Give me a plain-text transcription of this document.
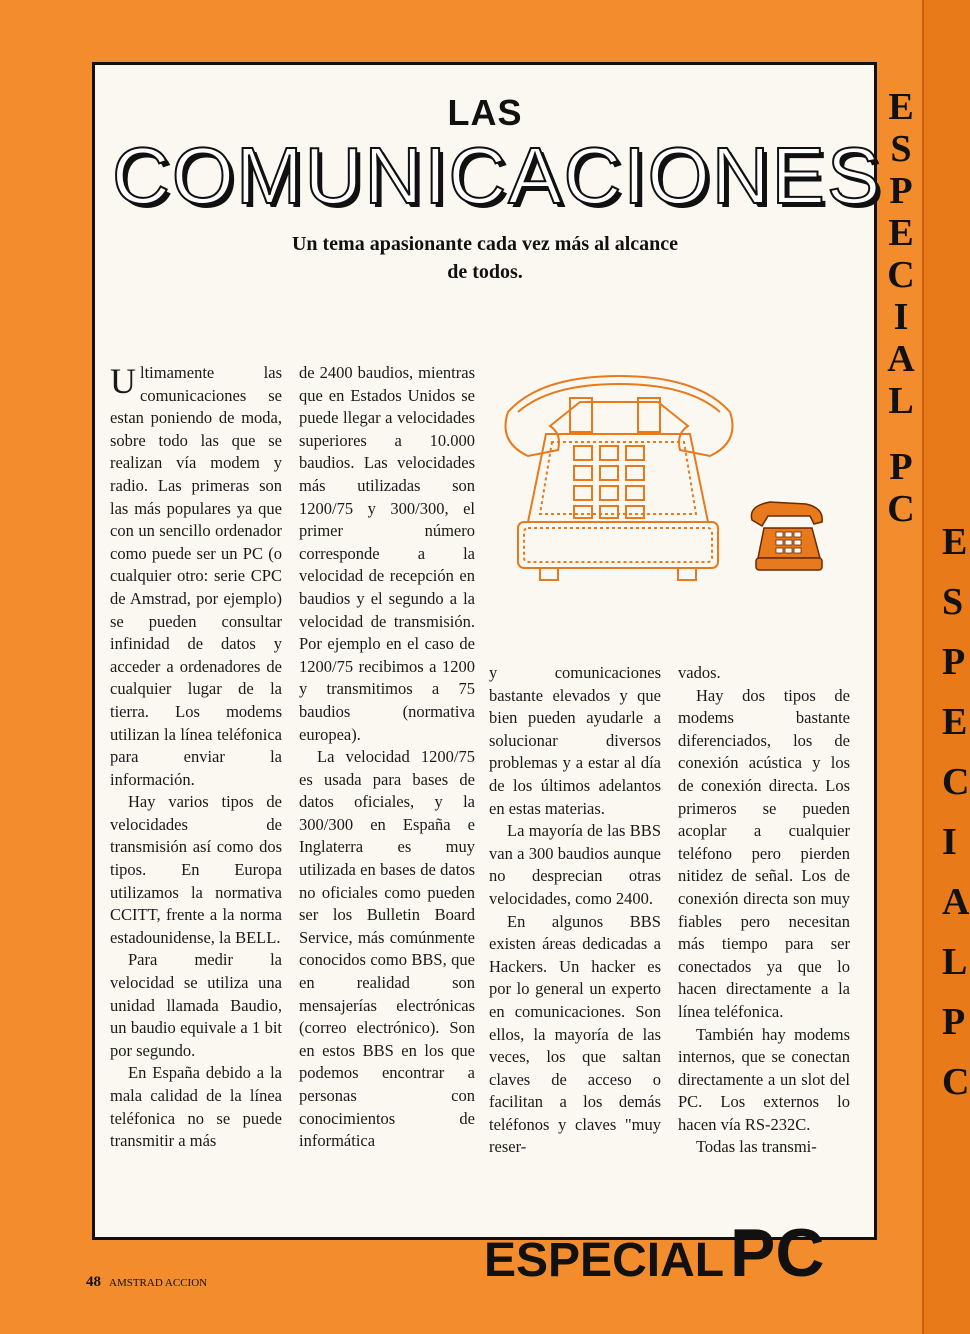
LAS
COMUNICACIONES
Un tema apasionante cada vez más al alcance de todos.

Ultimamente las comunicaciones se estan poniendo de moda, sobre todo las que se realizan vía modem y radio. Las primeras son las más populares ya que con un sencillo ordenador como puede ser un PC (o cualquier otro: serie CPC de Amstrad, por ejemplo) se pueden consultar infinidad de datos y acceder a ordenadores de cualquier lugar de la tierra. Los modems utilizan la línea teléfonica para enviar la información.

Hay varios tipos de velocidades de transmisión así como dos tipos. En Europa utilizamos la normativa CCITT, frente a la norma estadounidense, la BELL.

Para medir la velocidad se utiliza una unidad llamada Baudio, un baudio equivale a 1 bit por segundo.

En España debido a la mala calidad de la línea teléfonica no se puede transmitir a más

de 2400 baudios, mientras que en Estados Unidos se puede llegar a velocidades superiores a 10.000 baudios. Las velocidades más utilizadas son 1200/75 y 300/300, el primer número corresponde a la velocidad de recepción en baudios y el segundo a la velocidad de transmisión. Por ejemplo en el caso de 1200/75 recibimos a 1200 y transmitimos a 75 baudios (normativa europea).

La velocidad 1200/75 es usada para bases de datos oficiales, y la 300/300 en España e Inglaterra es muy utilizada en bases de datos no oficiales como pueden ser los Bulletin Board Service, más comúnmente conocidos como BBS, que en realidad son mensajerías electrónicas (correo electrónico). Son en estos BBS en los que podemos encontrar a personas con conocimientos de informática

y comunicaciones bastante elevados y que bien pueden ayudarle a solucionar diversos problemas y a estar al día de los últimos adelantos en estas materias.

La mayoría de las BBS van a 300 baudios aunque no desprecian otras velocidades, como 2400.

En algunos BBS existen áreas dedicadas a Hackers. Un hacker es por lo general un experto en comunicaciones. Son ellos, la mayoría de las veces, los que saltan claves de acceso o facilitan a los demás teléfonos y claves "muy reser-

vados.

Hay dos tipos de modems bastante diferenciados, los de conexión acústica y los de conexión directa. Los primeros se pueden acoplar a cualquier teléfono pero pierden nitidez de señal. Los de conexión directa son muy fiables pero necesitan más tiempo para ser conectados ya que lo hacen directamente a la línea teléfonica.

También hay modems internos, que se conectan directamente a un slot del PC. Los externos lo hacen vía RS-232C.

Todas las transmi-

E
S
P
E
C
I
A
L
P
C
E
S
P
E
C
I
A
L
P
C
ESPECIALPC
48 AMSTRAD ACCION
